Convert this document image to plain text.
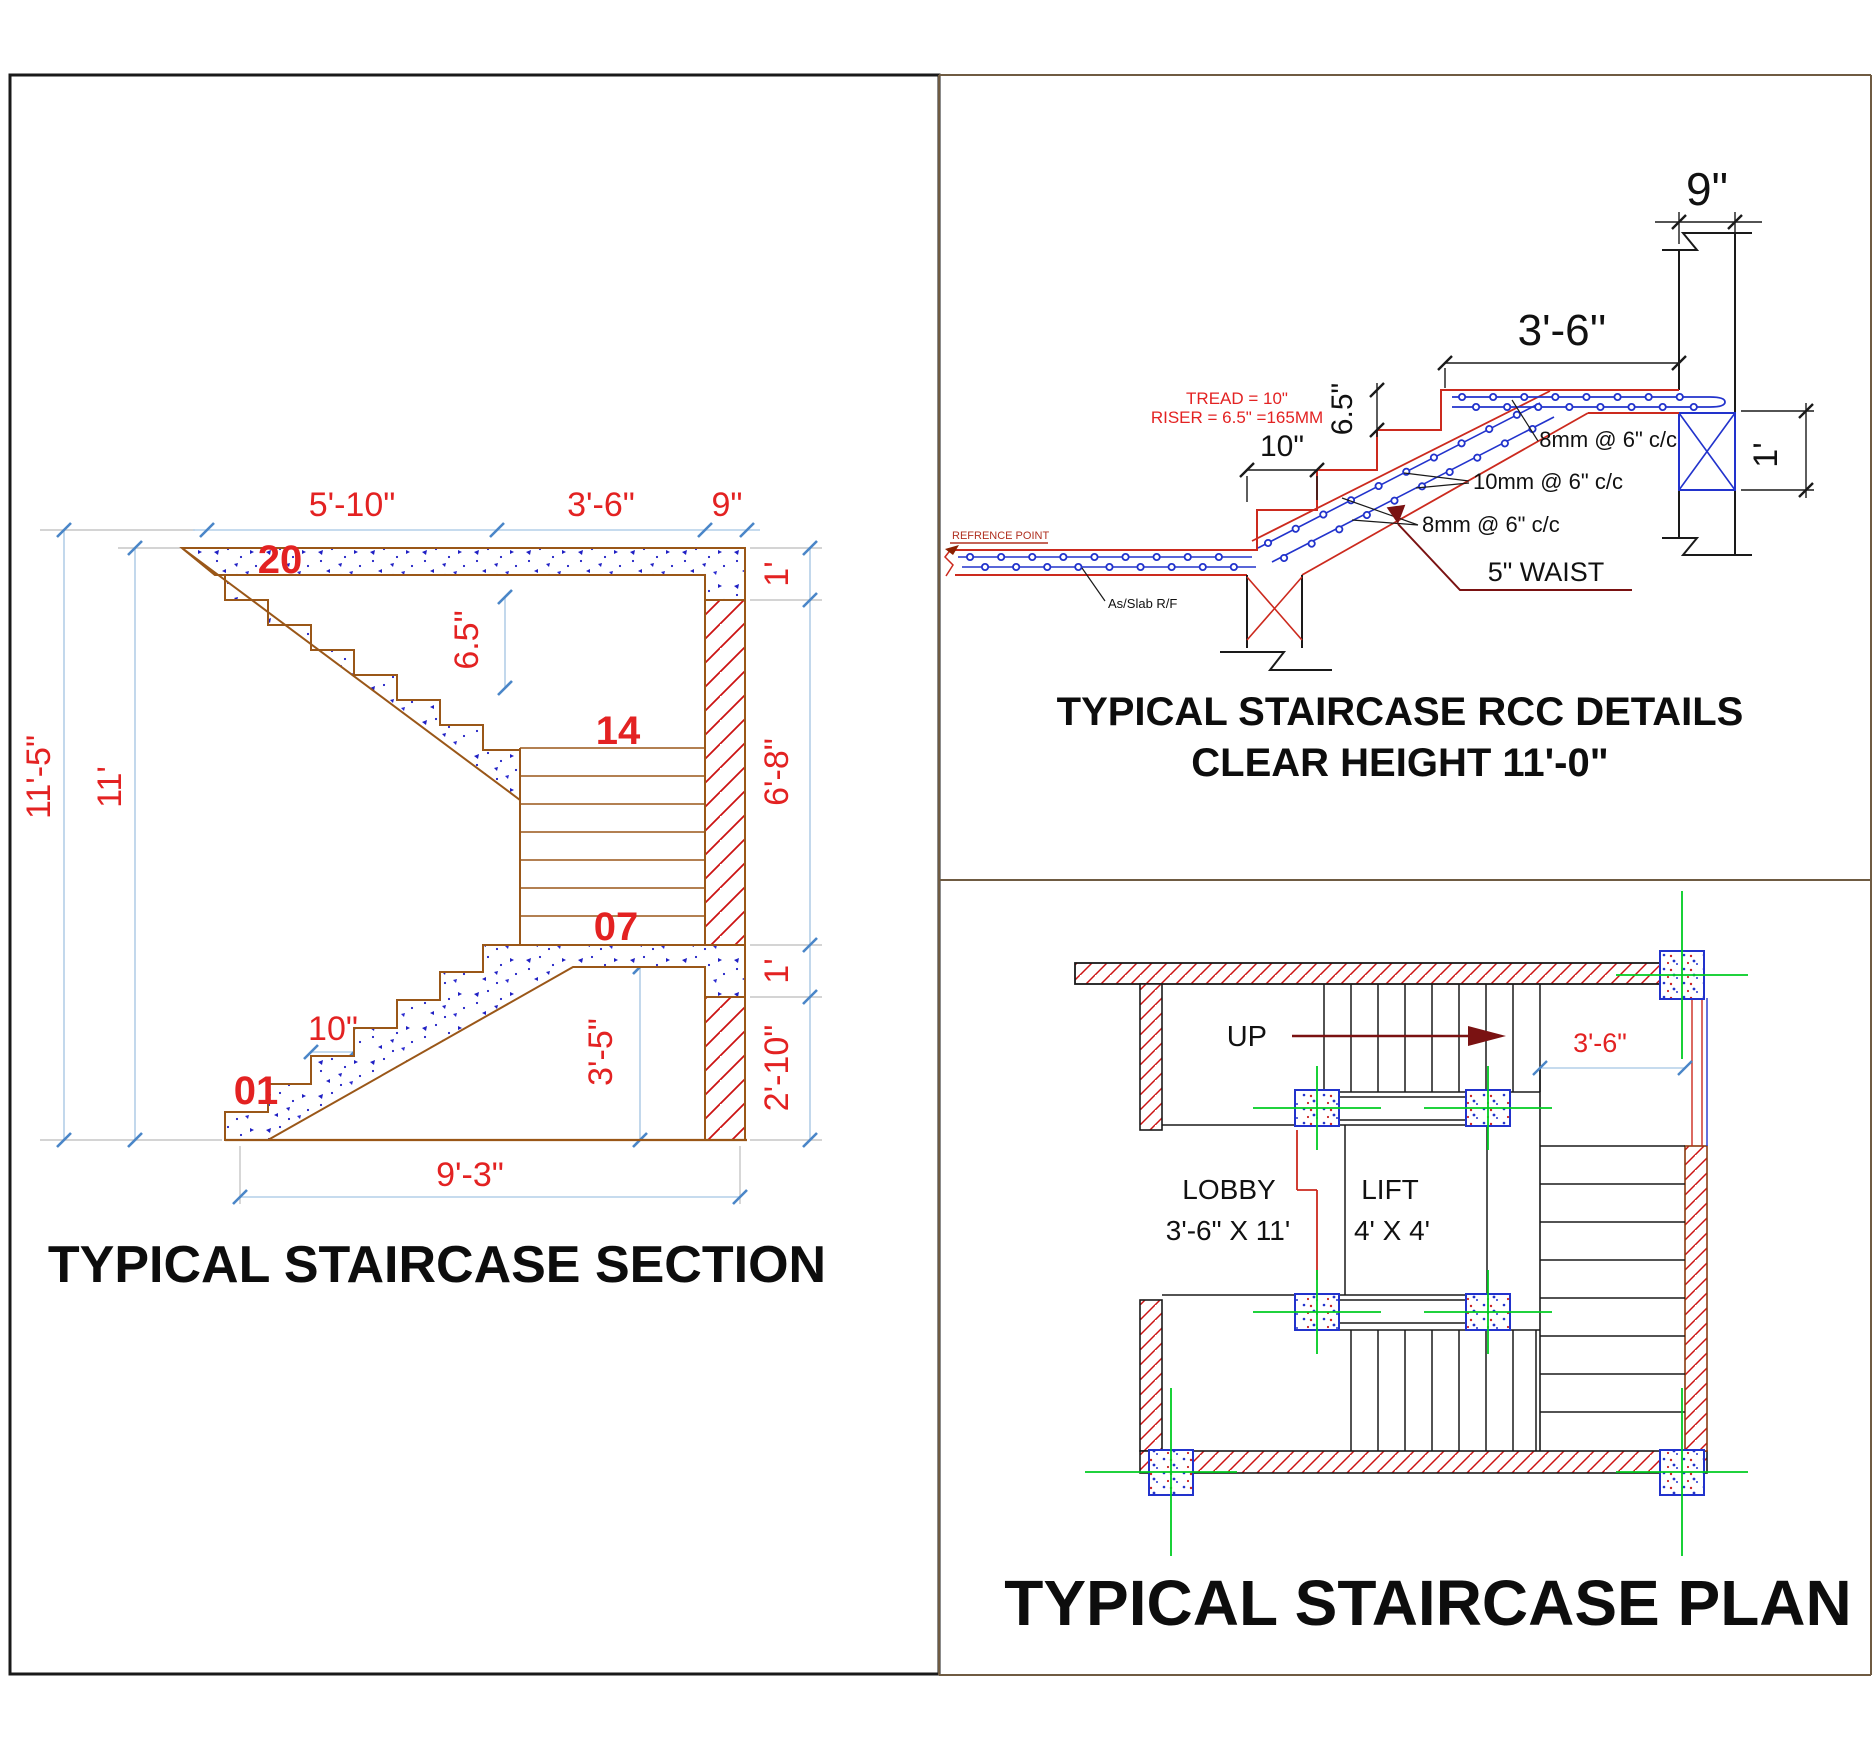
5'-10"	3'-6" 9"
11'-5" 11'
1'
6'-8"
1'
2'-10"
6.5"
10"	3'-5"
9'-3"
20
14
07
01
TYPICAL STAIRCASE SECTION
9"
3'-6''
6.5"
10"	1'
TREAD = 10"
RISER = 6.5" =165MM
8mm @ 6" c/c
10mm @ 6" c/c
8mm @ 6" c/c
5" WAIST
As/Slab R/F
REFRENCE POINT
TYPICAL STAIRCASE RCC DETAILS
CLEAR HEIGHT 11'-0"
UP	3'-6"
LOBBY
3'-6" X 11'
LIFT
4' X 4'
TYPICAL STAIRCASE PLAN
